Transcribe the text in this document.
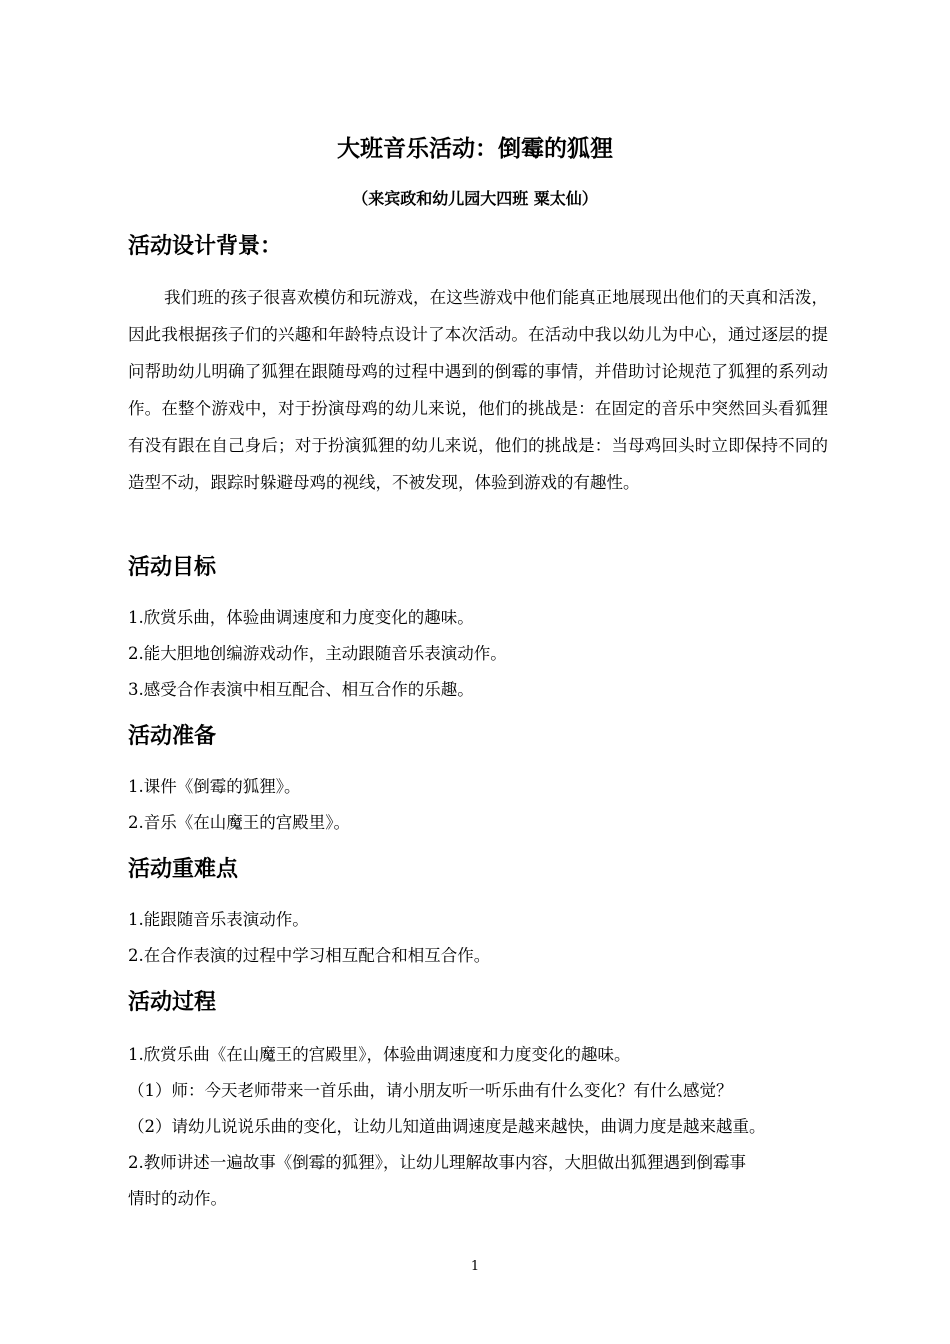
大班音乐活动：倒霉的狐狸
（来宾政和幼儿园大四班 粟太仙）
活动设计背景：
我们班的孩子很喜欢模仿和玩游戏，在这些游戏中他们能真正地展现出他们的天真和活泼，因此我根据孩子们的兴趣和年龄特点设计了本次活动。在活动中我以幼儿为中心，通过逐层的提问帮助幼儿明确了狐狸在跟随母鸡的过程中遇到的倒霉的事情，并借助讨论规范了狐狸的系列动作。在整个游戏中，对于扮演母鸡的幼儿来说，他们的挑战是：在固定的音乐中突然回头看狐狸有没有跟在自己身后；对于扮演狐狸的幼儿来说，他们的挑战是：当母鸡回头时立即保持不同的造型不动，跟踪时躲避母鸡的视线，不被发现，体验到游戏的有趣性。
活动目标
1.欣赏乐曲，体验曲调速度和力度变化的趣味。
2.能大胆地创编游戏动作，主动跟随音乐表演动作。
3.感受合作表演中相互配合、相互合作的乐趣。
活动准备
1.课件《倒霉的狐狸》。
2.音乐《在山魔王的宫殿里》。
活动重难点
1.能跟随音乐表演动作。
2.在合作表演的过程中学习相互配合和相互合作。
活动过程
1.欣赏乐曲《在山魔王的宫殿里》，体验曲调速度和力度变化的趣味。
（1）师：今天老师带来一首乐曲，请小朋友听一听乐曲有什么变化？有什么感觉？
（2）请幼儿说说乐曲的变化，让幼儿知道曲调速度是越来越快，曲调力度是越来越重。
2.教师讲述一遍故事《倒霉的狐狸》，让幼儿理解故事内容，大胆做出狐狸遇到倒霉事
情时的动作。
1
